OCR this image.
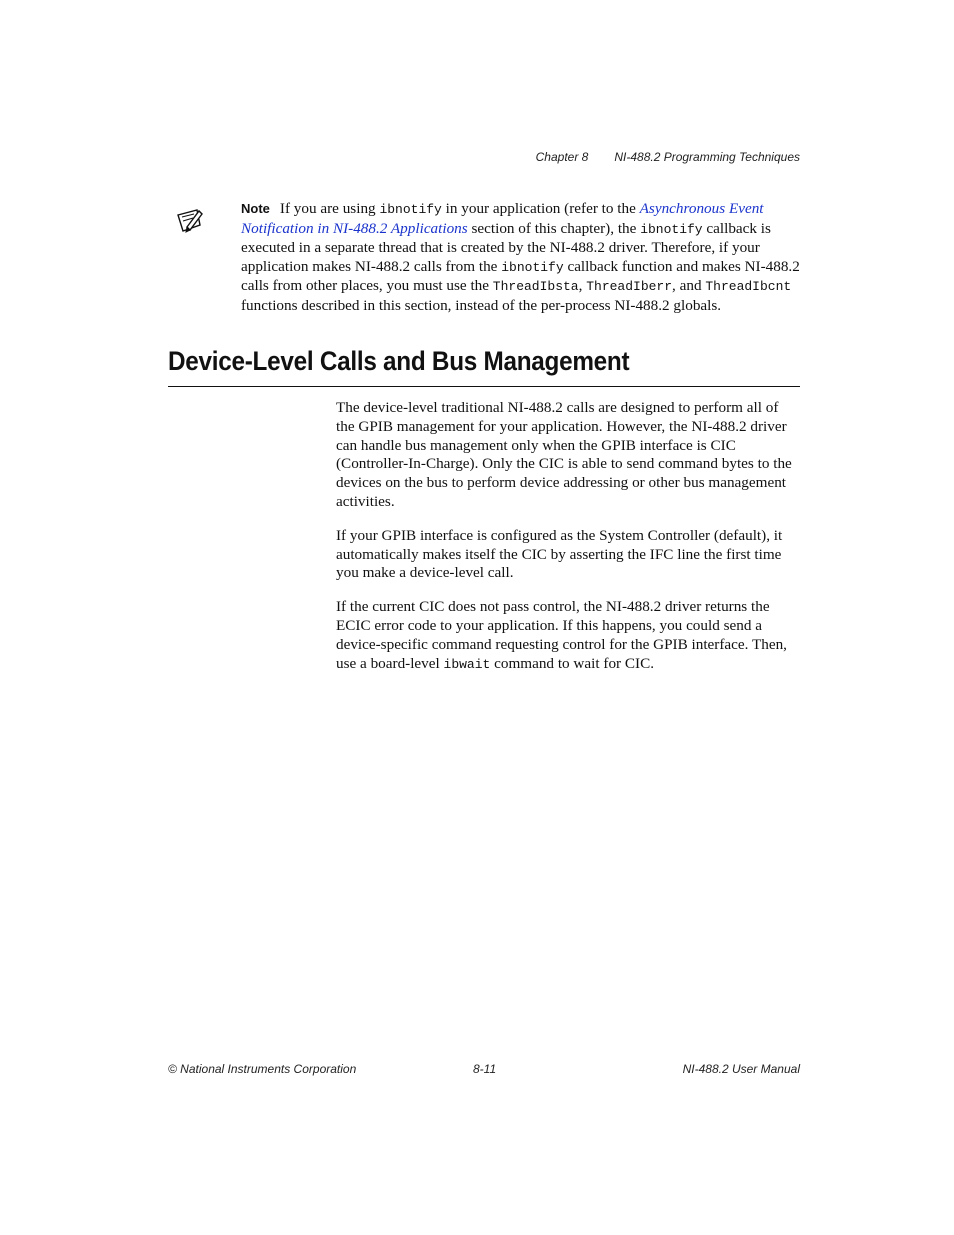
Chapter 8 NI-488.2 Programming Techniques
Note If you are using ibnotify in your application (refer to the Asynchronous Event Notification in NI-488.2 Applications section of this chapter), the ibnotify callback is executed in a separate thread that is created by the NI-488.2 driver. Therefore, if your application makes NI-488.2 calls from the ibnotify callback function and makes NI-488.2 calls from other places, you must use the ThreadIbsta, ThreadIberr, and ThreadIbcnt functions described in this section, instead of the per-process NI-488.2 globals.
Device-Level Calls and Bus Management

The device-level traditional NI-488.2 calls are designed to perform all of the GPIB management for your application. However, the NI-488.2 driver can handle bus management only when the GPIB interface is CIC (Controller-In-Charge). Only the CIC is able to send command bytes to the devices on the bus to perform device addressing or other bus management activities.

If your GPIB interface is configured as the System Controller (default), it automatically makes itself the CIC by asserting the IFC line the first time you make a device-level call.

If the current CIC does not pass control, the NI-488.2 driver returns the ECIC error code to your application. If this happens, you could send a device-specific command requesting control for the GPIB interface. Then, use a board-level ibwait command to wait for CIC.

© National Instruments Corporation	8-11	NI-488.2 User Manual
